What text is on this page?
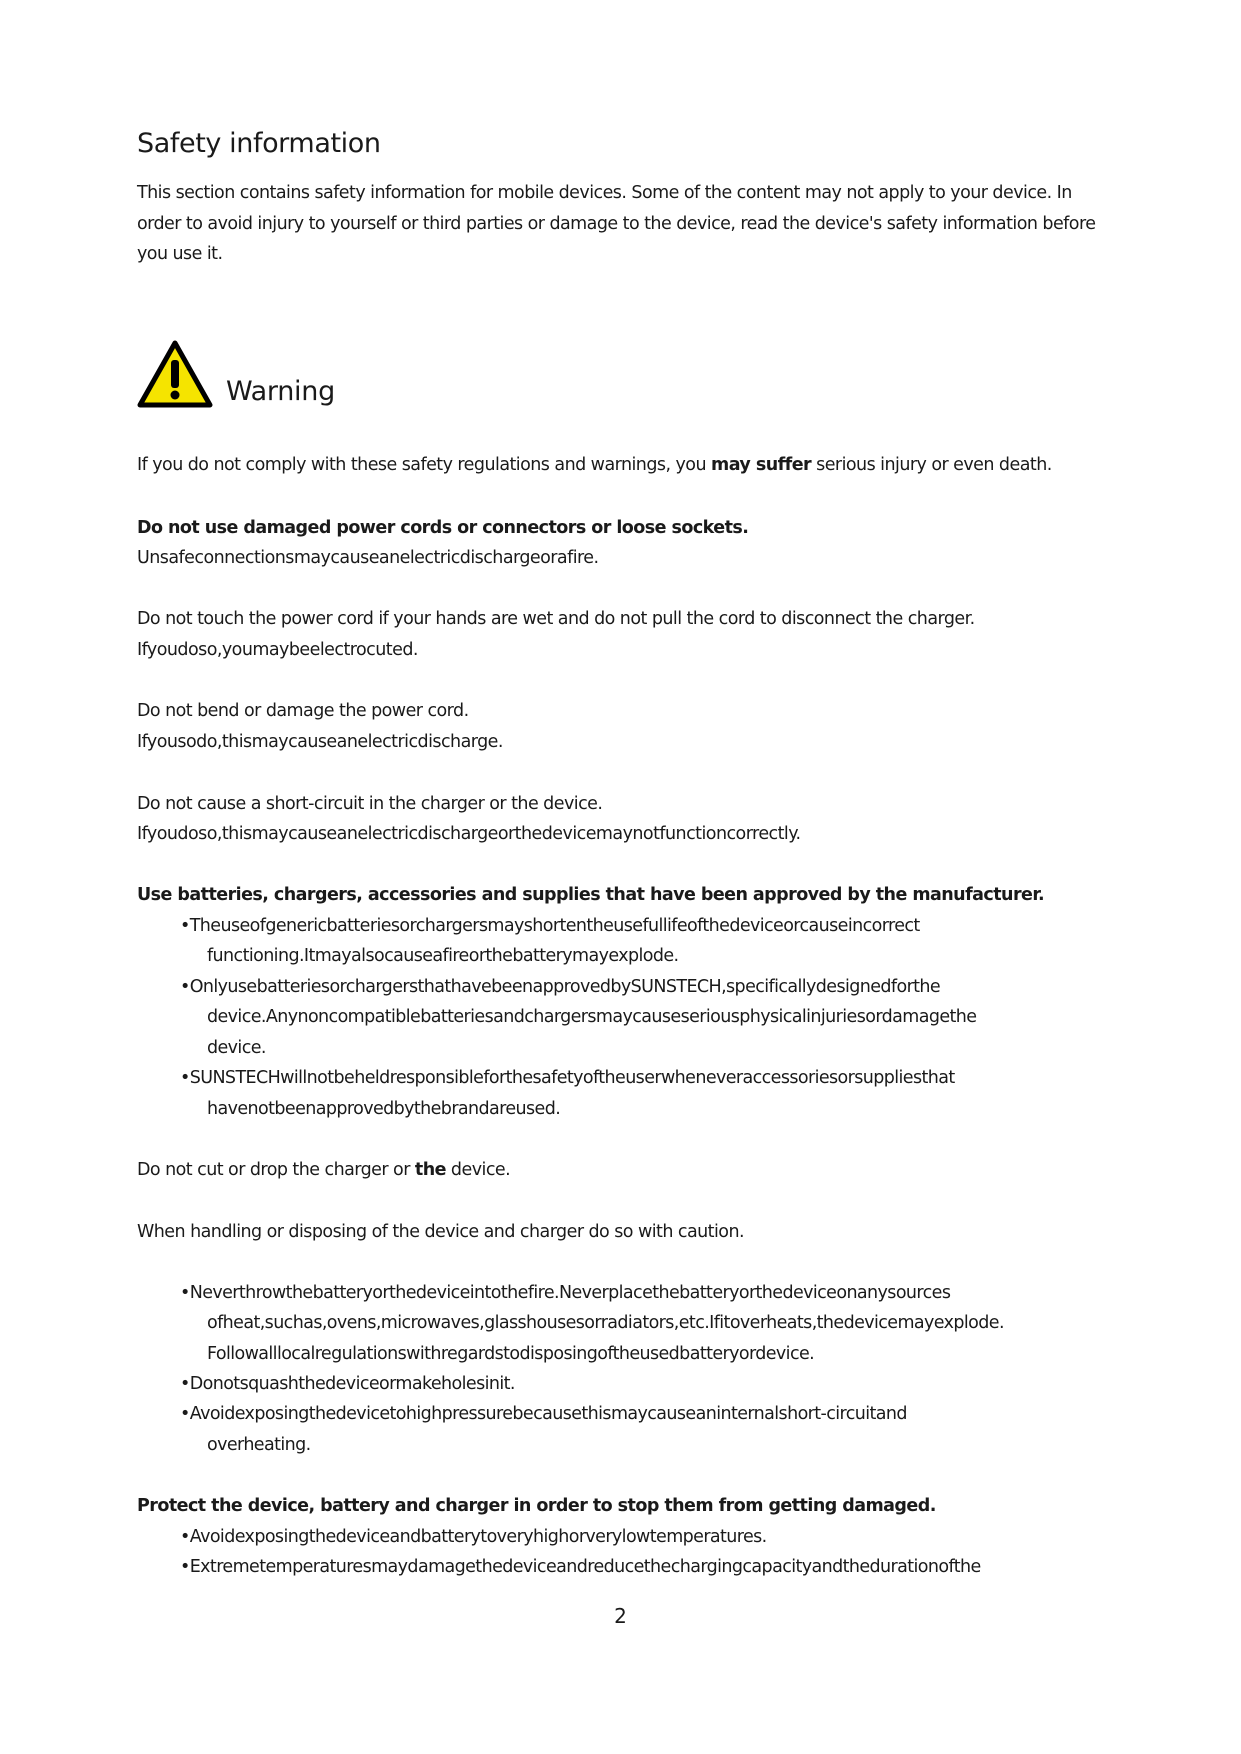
Safety information
This section contains safety information for mobile devices. Some of the content may not apply to your device. In order to avoid injury to yourself or third parties or damage to the device, read the device's safety information before you use it.
Warning
If you do not comply with these safety regulations and warnings, you may suffer serious injury or even death.
Do not use damaged power cords or connectors or loose sockets.
Unsafeconnectionsmaycauseanelectricdischargeorafire.
Do not touch the power cord if your hands are wet and do not pull the cord to disconnect the charger.
Ifyoudoso,youmaybeelectrocuted.
Do not bend or damage the power cord.
Ifyousodo,thismaycauseanelectricdischarge.
Do not cause a short-circuit in the charger or the device.
Ifyoudoso,thismaycauseanelectricdischargeorthedevicemaynotfunctioncorrectly.
Use batteries, chargers, accessories and supplies that have been approved by the manufacturer.
•Theuseofgenericbatteriesorchargersmayshortentheusefullifeofthedeviceorcauseincorrect
functioning.Itmayalsocauseafireorthebatterymayexplode.
•OnlyusebatteriesorchargersthathavebeenapprovedbySUNSTECH,specificallydesignedforthe
device.Anynoncompatiblebatteriesandchargersmaycauseseriousphysicalinjuriesordamagethe
device.
•SUNSTECHwillnotbeheldresponsibleforthesafetyoftheuserwheneveraccessoriesorsuppliesthat
havenotbeenapprovedbythebrandareused.
Do not cut or drop the charger or the device.
When handling or disposing of the device and charger do so with caution.
•Neverthrowthebatteryorthedeviceintothefire.Neverplacethebatteryorthedeviceonanysources
ofheat,suchas,ovens,microwaves,glasshousesorradiators,etc.Ifitoverheats,thedevicemayexplode.
Followalllocalregulationswithregardstodisposingoftheusedbatteryordevice.
•Donotsquashthedeviceormakeholesinit.
•Avoidexposingthedevicetohighpressurebecausethismaycauseaninternalshort-circuitand
overheating.
Protect the device, battery and charger in order to stop them from getting damaged.
•Avoidexposingthedeviceandbatterytoveryhighorverylowtemperatures.
•Extremetemperaturesmaydamagethedeviceandreducethechargingcapacityandthedurationofthe
2
